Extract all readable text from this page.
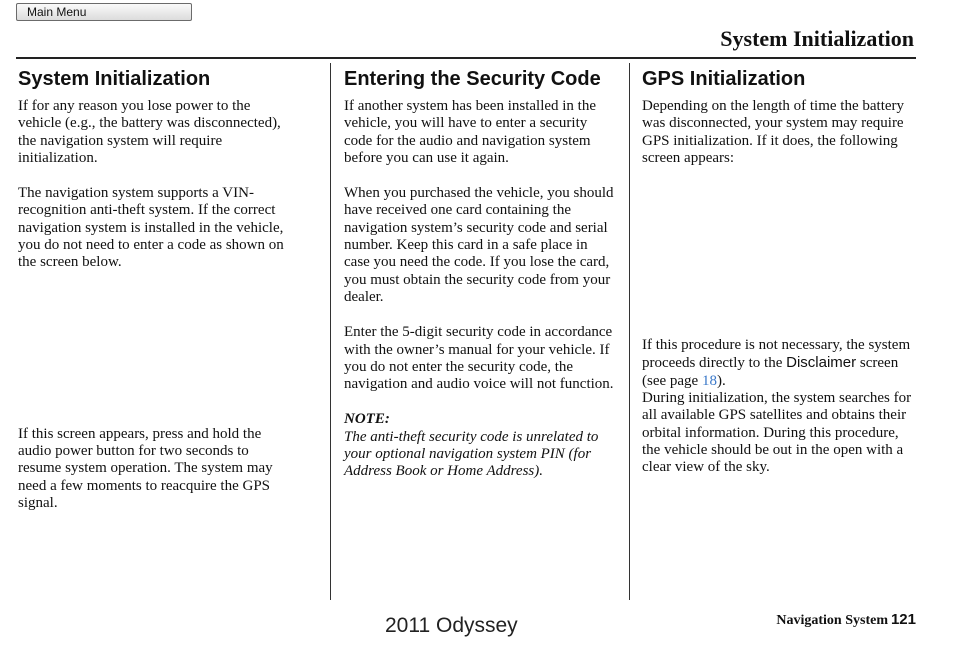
Main Menu
System Initialization
System Initialization

If for any reason you lose power to the vehicle (e.g., the battery was disconnected), the navigation system will require initialization.

The navigation system supports a VIN-recognition anti-theft system. If the correct navigation system is installed in the vehicle, you do not need to enter a code as shown on the screen below.

If this screen appears, press and hold the audio power button for two seconds to resume system operation. The system may need a few moments to reacquire the GPS signal.

Entering the Security Code

If another system has been installed in the vehicle, you will have to enter a security code for the audio and navigation system before you can use it again.

When you purchased the vehicle, you should have received one card containing the navigation system’s security code and serial number. Keep this card in a safe place in case you need the code. If you lose the card, you must obtain the security code from your dealer.

Enter the 5-digit security code in accordance with the owner’s manual for your vehicle. If you do not enter the security code, the navigation and audio voice will not function.

NOTE:

The anti-theft security code is unrelated to your optional navigation system PIN (for Address Book or Home Address).

GPS Initialization

Depending on the length of time the battery was disconnected, your system may require GPS initialization. If it does, the following screen appears:

If this procedure is not necessary, the system proceeds directly to the Disclaimer screen (see page 18).

During initialization, the system searches for all available GPS satellites and obtains their orbital information. During this procedure, the vehicle should be out in the open with a clear view of the sky.

Navigation System 121
2011 Odyssey
